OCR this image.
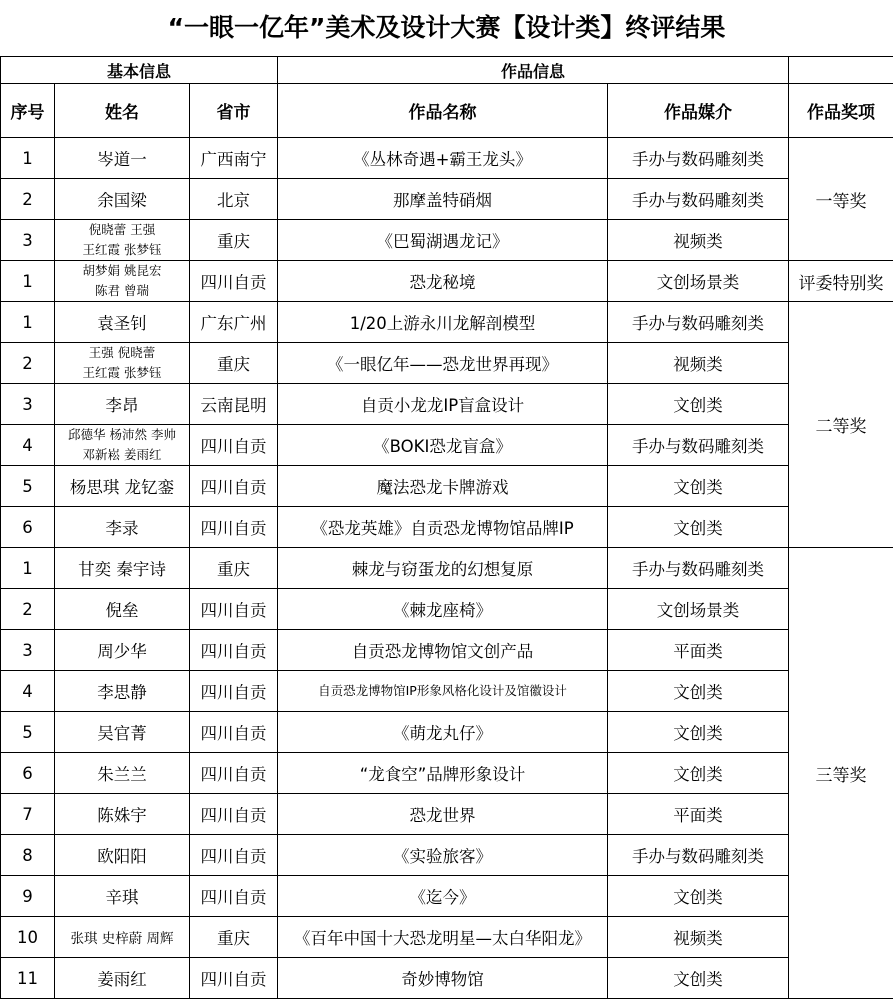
“一眼一亿年”美术及设计大赛【设计类】终评结果
基本信息			作品信息		
序号	姓名	省市	作品名称	作品媒介	作品奖项
1	岑道一	广西南宁	《丛林奇遇+霸王龙头》	手办与数码雕刻类	一等奖
2	余国梁	北京	那摩盖特硝烟	手办与数码雕刻类	
3	倪晓蕾 王强
王红霞 张梦钰	重庆	《巴蜀湖遇龙记》	视频类	
1	胡梦娟 姚昆宏
陈君 曾瑞	四川自贡	恐龙秘境	文创场景类	评委特别奖
1	袁圣钊	广东广州	1/20上游永川龙解剖模型	手办与数码雕刻类	二等奖
2	王强 倪晓蕾
王红霞 张梦钰	重庆	《一眼亿年——恐龙世界再现》	视频类	
3	李昂	云南昆明	自贡小龙龙IP盲盒设计	文创类	
4	邱德华 杨沛然 李帅
邓新崧 姜雨红	四川自贡	《BOKI恐龙盲盒》	手办与数码雕刻类	
5	杨思琪 龙钇銮	四川自贡	魔法恐龙卡牌游戏	文创类	
6	李录	四川自贡	《恐龙英雄》自贡恐龙博物馆品牌IP	文创类	
1	甘奕 秦宇诗	重庆	棘龙与窃蛋龙的幻想复原	手办与数码雕刻类	三等奖
2	倪垒	四川自贡	《棘龙座椅》	文创场景类	
3	周少华	四川自贡	自贡恐龙博物馆文创产品	平面类	
4	李思静	四川自贡	自贡恐龙博物馆IP形象风格化设计及馆徽设计	文创类	
5	吴官菁	四川自贡	《萌龙丸仔》	文创类	
6	朱兰兰	四川自贡	“龙食空”品牌形象设计	文创类	
7	陈姝宇	四川自贡	恐龙世界	平面类	
8	欧阳阳	四川自贡	《实验旅客》	手办与数码雕刻类	
9	辛琪	四川自贡	《迄今》	文创类	
10	张琪 史梓蔚 周辉	重庆	《百年中国十大恐龙明星—太白华阳龙》	视频类	
11	姜雨红	四川自贡	奇妙博物馆	文创类	
